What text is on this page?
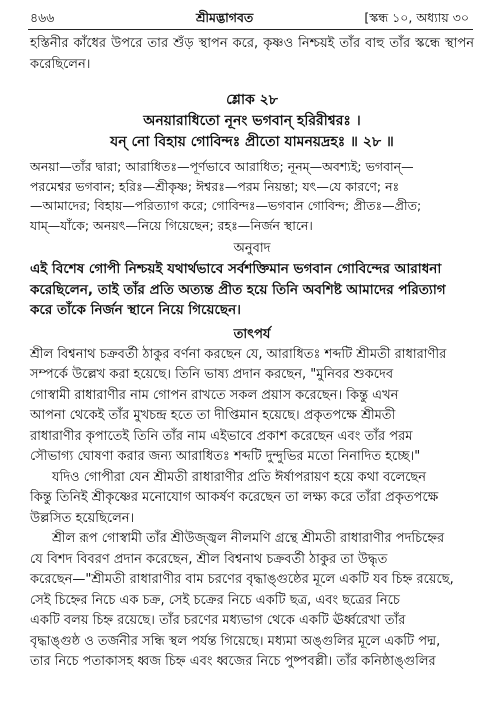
৪৬৬	শ্রীমদ্ভাগবত	[স্কন্ধ ১০, অধ্যায় ৩০

হস্তিনীর কাঁধের উপরে তার শুঁড় স্থাপন করে, কৃষ্ণও নিশ্চয়ই তাঁর বাহু তাঁর স্কন্ধে স্থাপন করেছিলেন।

শ্লোক ২৮
অনয়ারাধিতো নূনং ভগবান্ হরিরীশ্বরঃ ।
যন্ নো বিহায় গোবিন্দঃ প্রীতো যামনয়দ্রহঃ ॥ ২৮ ॥
অনয়া—তাঁর দ্বারা; আরাধিতঃ—পূর্ণভাবে আরাধিত; নূনম্—অবশ্যই; ভগবান্—
পরমেশ্বর ভগবান; হরিঃ—শ্রীকৃষ্ণ; ঈশ্বরঃ—পরম নিয়ন্তা; যৎ—যে কারণে; নঃ
—আমাদের; বিহায়—পরিত্যাগ করে; গোবিন্দঃ—ভগবান গোবিন্দ; প্রীতঃ—প্রীত;
যাম্—যাঁকে; অনয়ৎ—নিয়ে গিয়েছেন; রহঃ—নির্জন স্থানে।
অনুবাদ
এই বিশেষ গোপী নিশ্চয়ই যথার্থভাবে সর্বশক্তিমান ভগবান গোবিন্দের আরাধনা
করেছিলেন, তাই তাঁর প্রতি অত্যন্ত প্রীত হয়ে তিনি অবশিষ্ট আমাদের পরিত্যাগ
করে তাঁকে নির্জন স্থানে নিয়ে গিয়েছেন।
তাৎপর্য
শ্রীল বিশ্বনাথ চক্রবর্তী ঠাকুর বর্ণনা করছেন যে, আরাধিতঃ শব্দটি শ্রীমতী রাধারাণীর
সম্পর্কে উল্লেখ করা হয়েছে। তিনি ভাষ্য প্রদান করছেন, "মুনিবর শুকদেব
গোস্বামী রাধারাণীর নাম গোপন রাখতে সকল প্রয়াস করেছেন। কিন্তু এখন
আপনা থেকেই তাঁর মুখচন্দ্র হতে তা দীপ্তিমান হয়েছে। প্রকৃতপক্ষে শ্রীমতী
রাধারাণীর কৃপাতেই তিনি তাঁর নাম এইভাবে প্রকাশ করেছেন এবং তাঁর পরম
সৌভাগ্য ঘোষণা করার জন্য আরাধিতঃ শব্দটি দুন্দুভির মতো নিনাদিত হচ্ছে।"
যদিও গোপীরা যেন শ্রীমতী রাধারাণীর প্রতি ঈর্ষাপরায়ণ হয়ে কথা বলেছেন
কিন্তু তিনিই শ্রীকৃষ্ণের মনোযোগ আকর্ষণ করেছেন তা লক্ষ্য করে তাঁরা প্রকৃতপক্ষে
উল্লসিত হয়েছিলেন।
শ্রীল রূপ গোস্বামী তাঁর শ্রীউজ্জ্বল নীলমণি গ্রন্থে শ্রীমতী রাধারাণীর পদচিহ্নের
যে বিশদ বিবরণ প্রদান করেছেন, শ্রীল বিশ্বনাথ চক্রবর্তী ঠাকুর তা উদ্ধৃত
করেছেন—"শ্রীমতী রাধারাণীর বাম চরণের বৃদ্ধাঙ্গুষ্ঠের মূলে একটি যব চিহ্ন রয়েছে,
সেই চিহ্নের নিচে এক চক্র, সেই চক্রের নিচে একটি ছত্র, এবং ছত্রের নিচে
একটি বলয় চিহ্ন রয়েছে। তাঁর চরণের মধ্যভাগ থেকে একটি ঊর্ধ্বরেখা তাঁর
বৃদ্ধাঙ্গুষ্ঠ ও তর্জনীর সন্ধি স্থল পর্যন্ত গিয়েছে। মধ্যমা অঙ্গুলির মূলে একটি পদ্ম,
তার নিচে পতাকাসহ ধ্বজ চিহ্ন এবং ধ্বজের নিচে পুষ্পবল্লী। তাঁর কনিষ্ঠাঙ্গুলির
